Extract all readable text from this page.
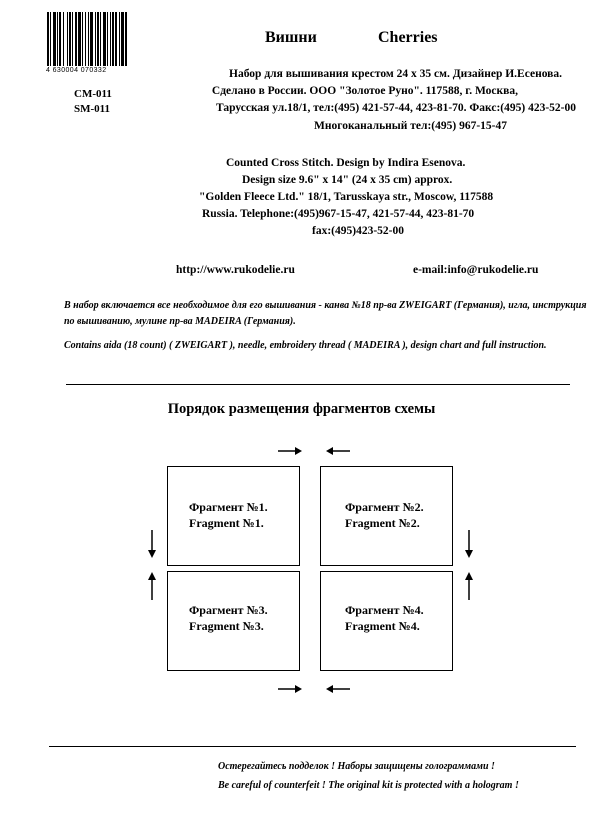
4 630004 070332
CM-011
SM-011
Вишни	Cherries
Набор для вышивания крестом 24 х 35 см. Дизайнер И.Есенова.
Сделано в России. ООО "Золотое Руно". 117588, г. Москва,
Тарусская ул.18/1, тел:(495) 421-57-44, 423-81-70. Факс:(495) 423-52-00
Многоканальный тел:(495) 967-15-47
Counted Cross Stitch. Design by Indira Esenova.
Design size 9.6" x 14" (24 x 35 cm) approx.
"Golden Fleece Ltd." 18/1, Tarusskaya str., Moscow, 117588
Russia. Telephone:(495)967-15-47, 421-57-44, 423-81-70
fax:(495)423-52-00
http://www.rukodelie.ru	e-mail:info@rukodelie.ru
В набор включается все необходимое для его вышивания - канва №18 пр-ва ZWEIGART (Германия), игла, инструкция по вышиванию, мулине пр-ва MADEIRA (Германия).
Contains aida (18 count) ( ZWEIGART ), needle, embroidery thread ( MADEIRA ), design chart and full instruction.
Порядок размещения фрагментов схемы
Фрагмент №1.
Fragment №1.
Фрагмент №2.
Fragment №2.
Фрагмент №3.
Fragment №3.
Фрагмент №4.
Fragment №4.
Остерегайтесь подделок ! Наборы защищены голограммами !
Be careful of counterfeit ! The original kit is protected with a hologram !
